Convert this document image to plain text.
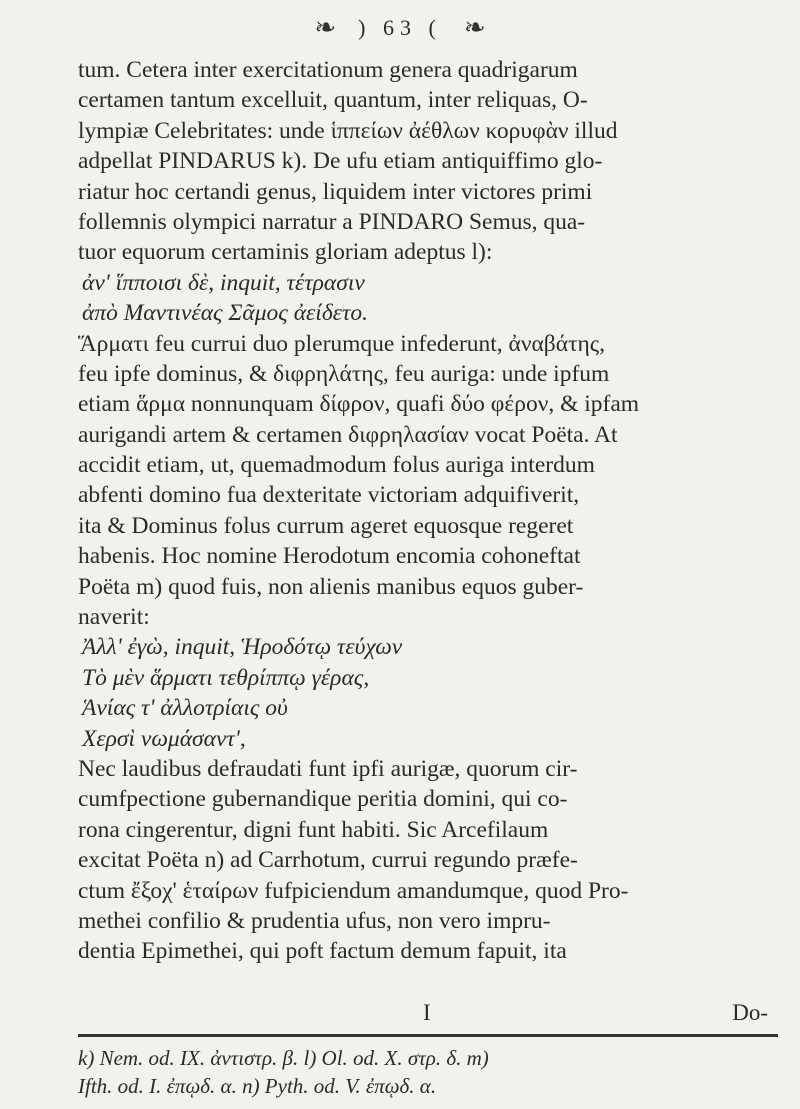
❧ ) 63 ( ❧
tum. Cetera inter exercitationum genera quadrigarum
certamen tantum excelluit, quantum, inter reliquas, O-
lympiæ Celebritates: unde ἱππείων ἀέθλων κορυφὰν illud
adpellat PINDARUS k). De ufu etiam antiquiffimo glo-
riatur hoc certandi genus, liquidem inter victores primi
follemnis olympici narratur a PINDARO Semus, qua-
tuor equorum certaminis gloriam adeptus l):
ἀν' ἵπποισι δὲ, inquit, τέτρασιν
ἀπὸ Μαντινέας Σᾶμος ἀείδετο.
Ἅρματι feu currui duo plerumque infederunt, ἀναβάτης,
feu ipfe dominus, & διφρηλάτης, feu auriga: unde ipfum
etiam ἅρμα nonnunquam δίφρον, quafi δύο φέρον, & ipfam
aurigandi artem & certamen διφρηλασίαν vocat Poëta. At
accidit etiam, ut, quemadmodum folus auriga interdum
abfenti domino fua dexteritate victoriam adquifiverit,
ita & Dominus folus currum ageret equosque regeret
habenis. Hoc nomine Herodotum encomia cohoneftat
Poëta m) quod fuis, non alienis manibus equos guber-
naverit:
Ἀλλ' ἐγὼ, inquit, Ἡροδότῳ τεύχων
Τὸ μὲν ἅρματι τεθρίππῳ γέρας,
Ἁνίας τ' ἀλλοτρίαις οὐ
Χερσὶ νωμάσαντ',
Nec laudibus defraudati funt ipfi aurigæ, quorum cir-
cumfpectione gubernandique peritia domini, qui co-
rona cingerentur, digni funt habiti. Sic Arcefilaum
excitat Poëta n) ad Carrhotum, currui regundo præfe-
ctum ἔξοχ' ἑταίρων fufpiciendum amandumque, quod Pro-
methei confilio & prudentia ufus, non vero impru-
dentia Epimethei, qui poft factum demum fapuit, ita
I	Do-
k) Nem. od. IX. ἀντιστρ. β. l) Ol. od. X. στρ. δ. m)
Ifth. od. I. ἐπῳδ. α. n) Pyth. od. V. ἐπῳδ. α.
